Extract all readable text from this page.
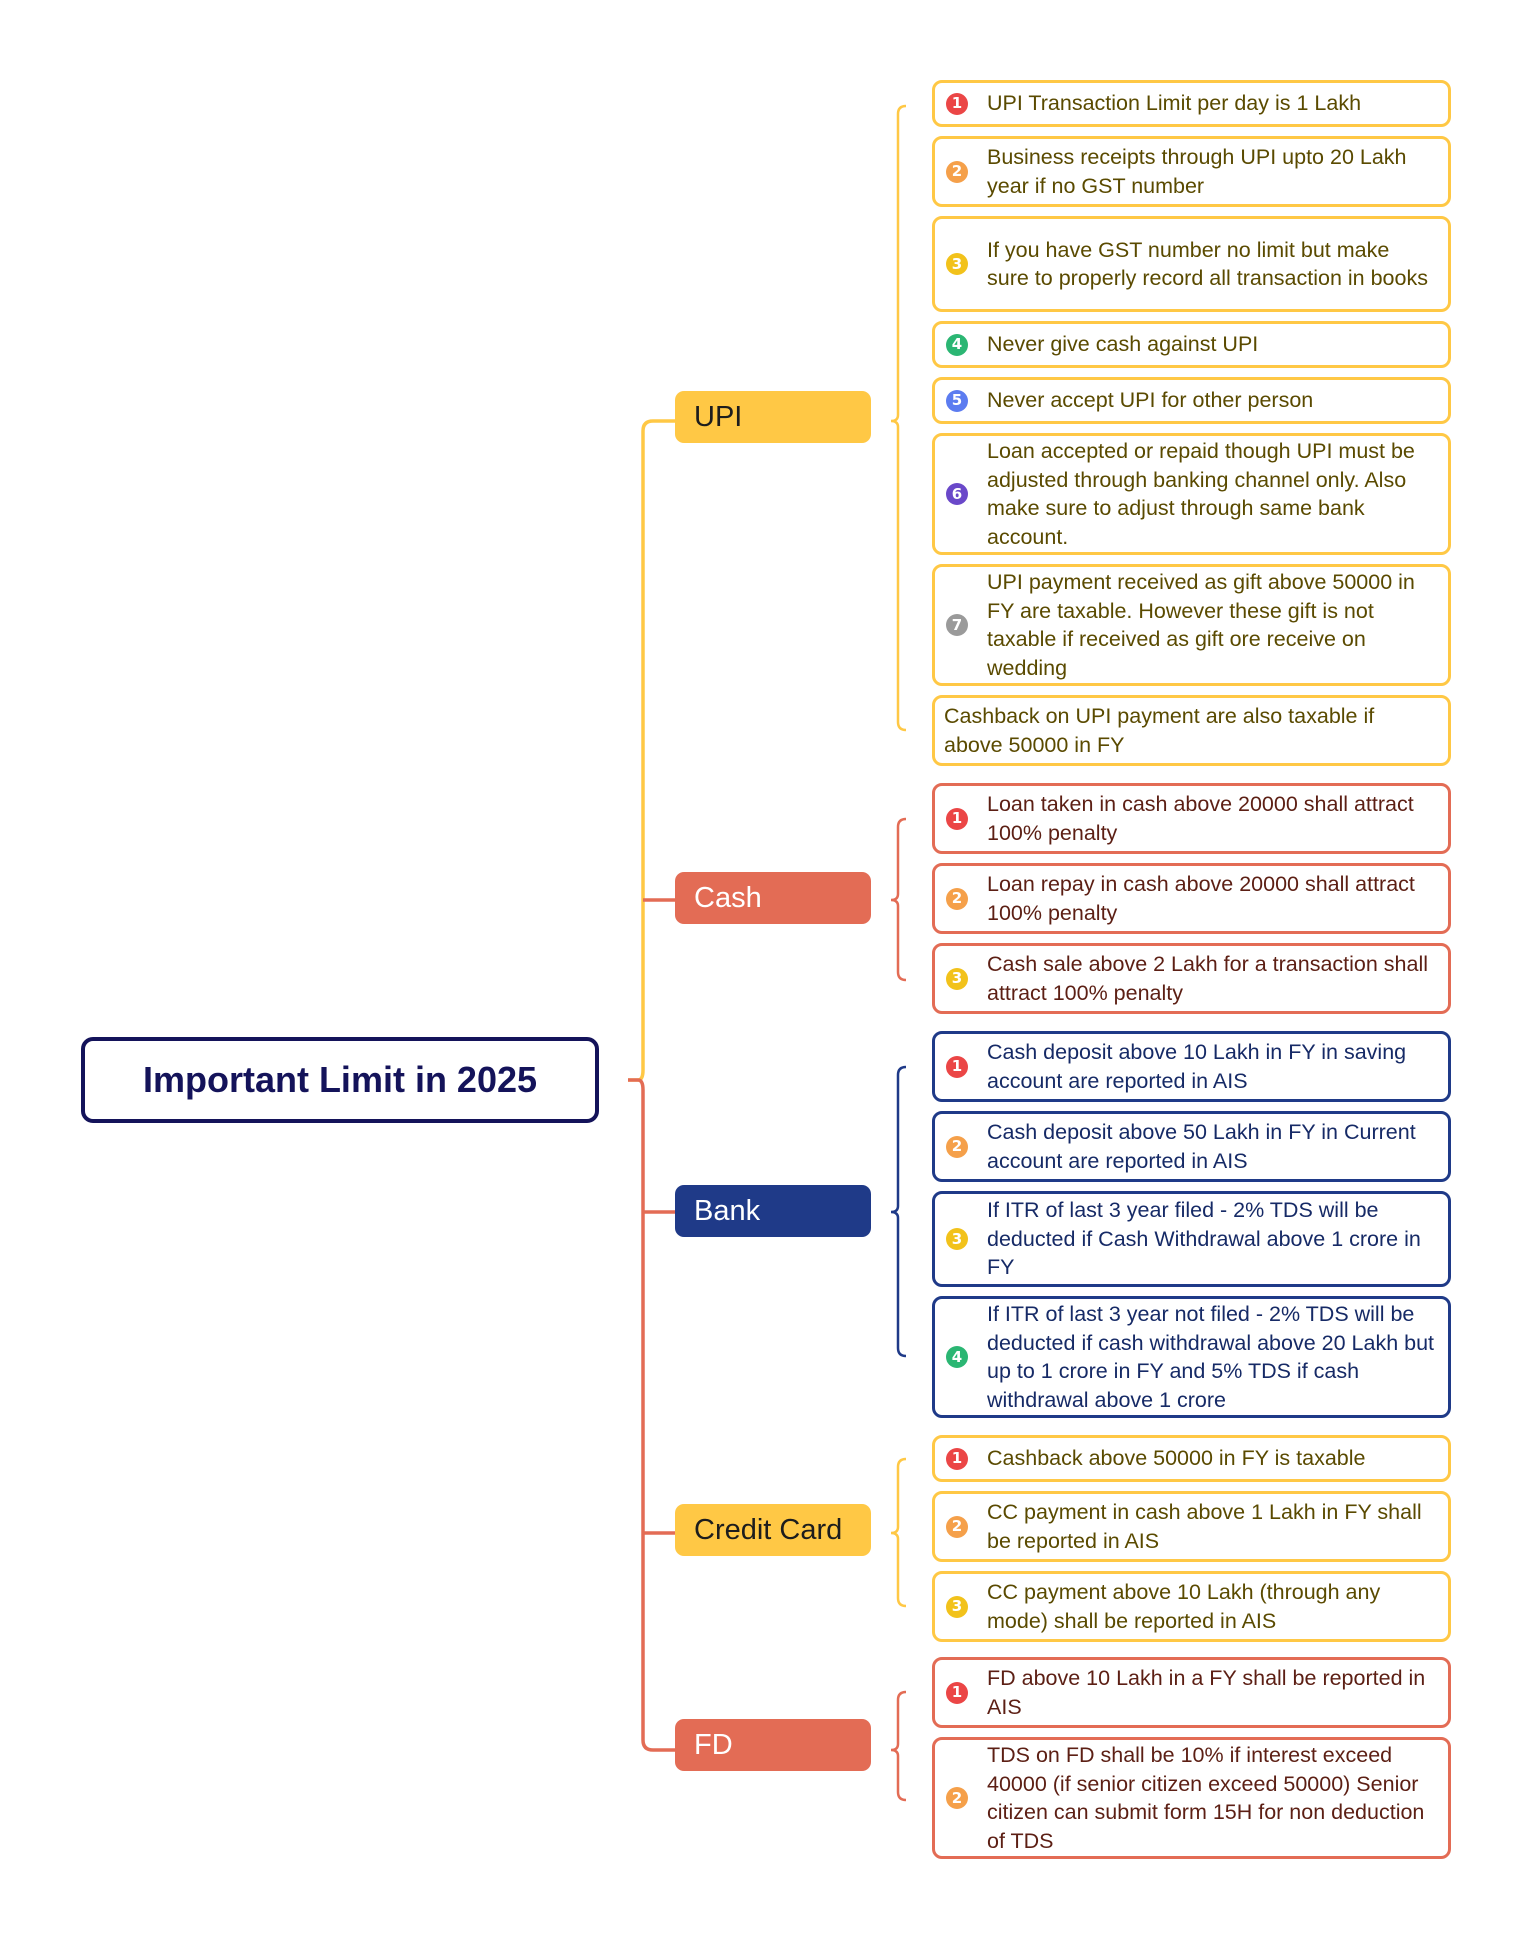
Important Limit in 2025
UPI
Cash
Bank
Credit Card
FD
1 UPI Transaction Limit per day is 1 Lakh
2
Business receipts through UPI upto 20 Lakh year if no GST number
3
If you have GST number no limit but make sure to properly record all transaction in books
4 Never give cash against UPI
5 Never accept UPI for other person
6
Loan accepted or repaid though UPI must be adjusted through banking channel only. Also make sure to adjust through same bank account.
7
UPI payment received as gift above 50000 in FY are taxable. However these gift is not taxable if received as gift ore receive on wedding
Cashback on UPI payment are also taxable if above 50000 in FY
1
Loan taken in cash above 20000 shall attract 100% penalty
2
Loan repay in cash above 20000 shall attract 100% penalty
3
Cash sale above 2 Lakh for a transaction shall attract 100% penalty
1
Cash deposit above 10 Lakh in FY in saving account are reported in AIS
2
Cash deposit above 50 Lakh in FY in Current account are reported in AIS
3
If ITR of last 3 year filed - 2% TDS will be deducted if Cash Withdrawal above 1 crore in FY
4
If ITR of last 3 year not filed - 2% TDS will be deducted if cash withdrawal above 20 Lakh but up to 1 crore in FY and 5% TDS if cash withdrawal above 1 crore
1 Cashback above 50000 in FY is taxable
2
CC payment in cash above 1 Lakh in FY shall be reported in AIS
3
CC payment above 10 Lakh (through any mode) shall be reported in AIS
1
FD above 10 Lakh in a FY shall be reported in AIS
2
TDS on FD shall be 10% if interest exceed 40000 (if senior citizen exceed 50000) Senior citizen can submit form 15H for non deduction of TDS
